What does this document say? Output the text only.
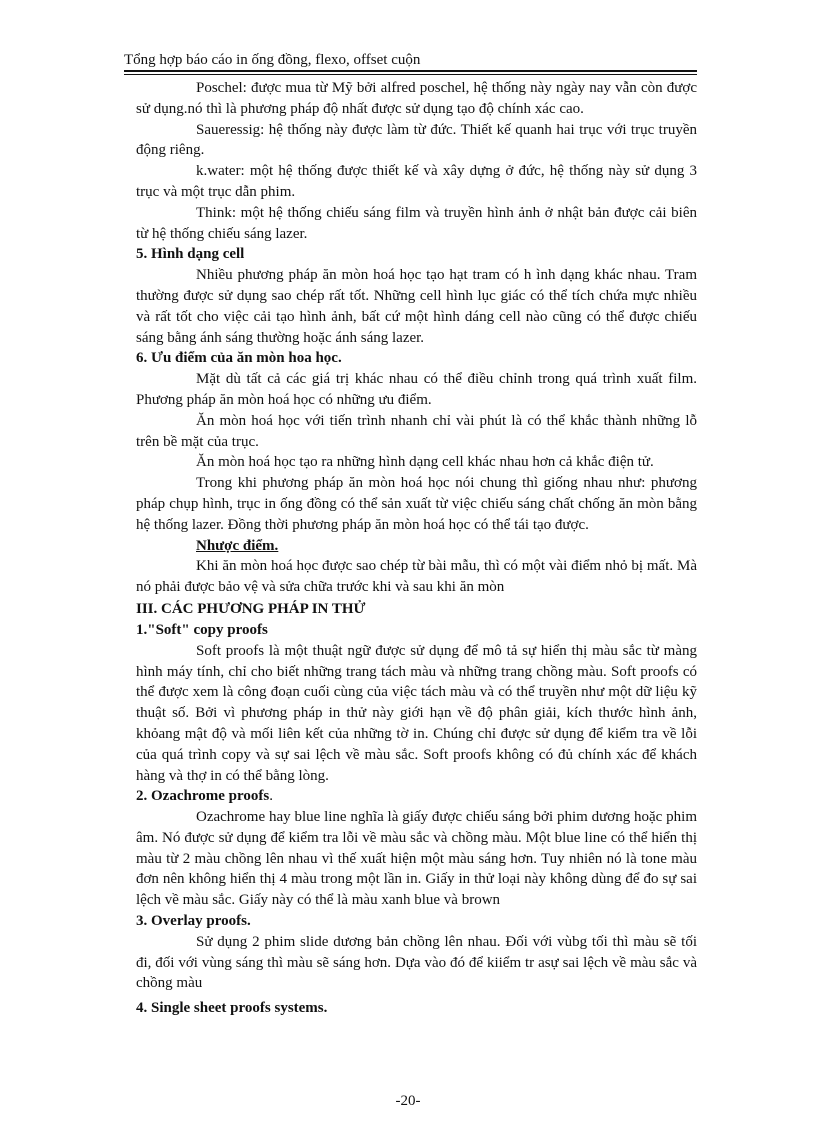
Tổng hợp báo cáo in ống đồng, flexo, offset cuộn

Poschel: được mua từ Mỹ bởi alfred poschel, hệ thống này ngày nay vẫn còn được sử dụng.nó thì là phương pháp độ nhất được sử dụng tạo độ chính xác cao.

Saueressig: hệ thống này được làm từ đức. Thiết kế quanh hai trục với trục truyền động riêng.

k.water: một hệ thống được thiết kế và xây dựng ở đức, hệ thống này sử dụng 3 trục và một trục dẫn phim.

Think: một hệ thống chiếu sáng film và truyền hình ảnh ở nhật bản được cải biên từ hệ thống chiếu sáng lazer.

5. Hình dạng cell

Nhiều phương pháp ăn mòn hoá học tạo hạt tram có h ình dạng khác nhau. Tram thường được sử dụng sao chép rất tốt. Những cell hình lục giác có thể tích chứa mực nhiều và rất tốt cho việc cải tạo hình ảnh, bất cứ một hình dáng cell nào cũng có thể được chiếu sáng bằng ánh sáng thường hoặc ánh sáng lazer.

6. Ưu điểm của ăn mòn hoa học.

Mặt dù tất cả các giá trị khác nhau có thể điều chỉnh trong quá trình xuất film. Phương pháp ăn mòn hoá học có những ưu điểm.

Ăn mòn hoá học với tiến trình nhanh chỉ vài phút là có thể khắc thành những lỗ trên bề mặt của trục.

Ăn mòn hoá học tạo ra những hình dạng cell khác nhau hơn cả khắc điện tử.

Trong khi phương pháp ăn mòn hoá học nói chung thì giống nhau như: phương pháp chụp hình, trục in ống đồng có thể sản xuất từ việc chiếu sáng chất chống ăn mòn bằng hệ thống lazer. Đồng thời phương pháp ăn mòn hoá học có thể tái tạo được.

Nhược điểm.

Khi ăn mòn hoá học được sao chép từ bài mẫu, thì có một vài điểm nhỏ bị mất. Mà nó phải được bảo vệ và sửa chữa trước khi và sau khi ăn mòn

III. CÁC PHƯƠNG PHÁP IN THỬ
1."Soft" copy proofs

Soft proofs là một thuật ngữ được sử dụng để mô tả sự hiển thị màu sắc từ màng hình máy tính, chỉ cho biết những trang tách màu và những trang chồng màu. Soft proofs có thể được xem là công đoạn cuối cùng của việc tách màu và có thể truyền như một dữ liệu kỹ thuật số. Bởi vì phương pháp in thử này giới hạn về độ phân giải, kích thước hình ảnh, khỏang mật độ và mối liên kết của những tờ in. Chúng chỉ được sử dụng để kiểm tra về lỗi của quá trình copy và sự sai lệch về màu sắc. Soft proofs không có đủ chính xác để khách hàng và thợ in có thể bằng lòng.

2. Ozachrome proofs.

Ozachrome hay blue line nghĩa là giấy được chiếu sáng bởi phim dương hoặc phim âm. Nó được sử dụng để kiểm tra lỗi về màu sắc và chồng màu. Một blue line có thể hiển thị màu từ 2 màu chồng lên nhau vì thế xuất hiện một màu sáng hơn. Tuy nhiên nó là tone màu đơn nên không hiển thị 4 màu trong một lần in. Giấy in thử loại này không dùng để đo sự sai lệch về màu sắc. Giấy này có thể là màu xanh blue và brown

3. Overlay proofs.

Sử dụng 2 phim slide dương bản chồng lên nhau. Đối với vùbg tối thì màu sẽ tối đi, đối với vùng sáng thì màu sẽ sáng hơn. Dựa vào đó để kiiểm tr asự sai lệch về màu sắc và chồng màu

4. Single sheet proofs systems.
-20-
